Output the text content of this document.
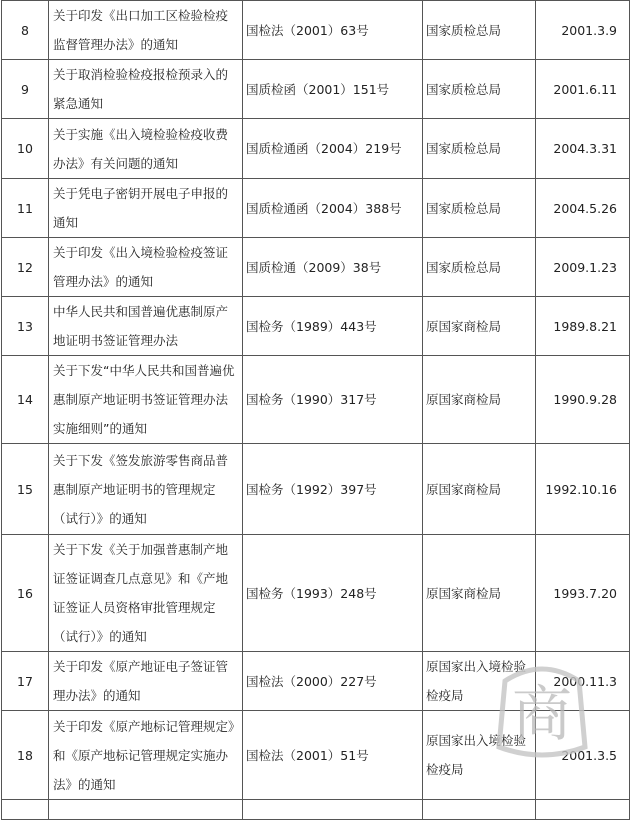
8	关于印发《出口加工区检验检疫监督管理办法》的通知	国检法（2001）63号	国家质检总局	2001.3.9
9	关于取消检验检疫报检预录入的紧急通知	国质检函（2001）151号	国家质检总局	2001.6.11
10	关于实施《出入境检验检疫收费办法》有关问题的通知	国质检通函（2004）219号	国家质检总局	2004.3.31
11	关于凭电子密钥开展电子申报的通知	国质检通函（2004）388号	国家质检总局	2004.5.26
12	关于印发《出入境检验检疫签证管理办法》的通知	国质检通（2009）38号	国家质检总局	2009.1.23
13	中华人民共和国普遍优惠制原产地证明书签证管理办法	国检务（1989）443号	原国家商检局	1989.8.21
14	关于下发“中华人民共和国普遍优惠制原产地证明书签证管理办法实施细则”的通知	国检务（1990）317号	原国家商检局	1990.9.28
15	关于下发《签发旅游零售商品普惠制原产地证明书的管理规定（试行）》的通知	国检务（1992）397号	原国家商检局	1992.10.16
16	关于下发《关于加强普惠制产地证签证调查几点意见》和《产地证签证人员资格审批管理规定（试行）》的通知	国检务（1993）248号	原国家商检局	1993.7.20
17	关于印发《原产地证电子签证管理办法》的通知	国检法（2000）227号	原国家出入境检验检疫局	2000.11.3
18	关于印发《原产地标记管理规定》和《原产地标记管理规定实施办法》的通知	国检法（2001）51号	原国家出入境检验检疫局	2001.3.5

商
